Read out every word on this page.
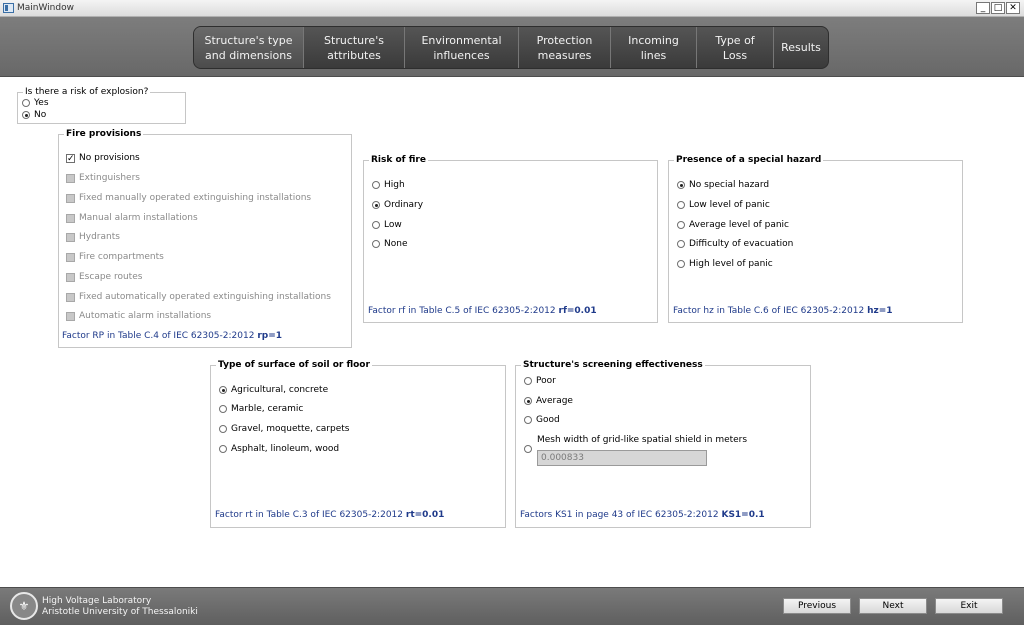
MainWindow	_ □ ✕
Structure's type
and dimensions
Structure's
attributes
Environmental
influences
Protection
measures
Incoming
lines
Type of
Loss
Results
Is there a risk of explosion?
Yes
No
Fire provisions
✓
No provisions
Extinguishers
Fixed manually operated extinguishing installations
Manual alarm installations
Hydrants
Fire compartments
Escape routes
Fixed automatically operated extinguishing installations
Automatic alarm installations
Factor RP in Table C.4 of IEC 62305-2:2012 rp=1
Risk of fire
High
Ordinary
Low
None
Factor rf in Table C.5 of IEC 62305-2:2012 rf=0.01
Presence of a special hazard
No special hazard
Low level of panic
Average level of panic
Difficulty of evacuation
High level of panic
Factor hz in Table C.6 of IEC 62305-2:2012 hz=1
Type of surface of soil or floor
Agricultural, concrete
Marble, ceramic
Gravel, moquette, carpets
Asphalt, linoleum, wood
Factor rt in Table C.3 of IEC 62305-2:2012 rt=0.01
Structure's screening effectiveness
Poor
Average
Good
Mesh width of grid-like spatial shield in meters
0.000833
Factors KS1 in page 43 of IEC 62305-2:2012 KS1=0.1
⚜	High Voltage Laboratory
Aristotle University of Thessaloniki
Previous	Next	Exit
